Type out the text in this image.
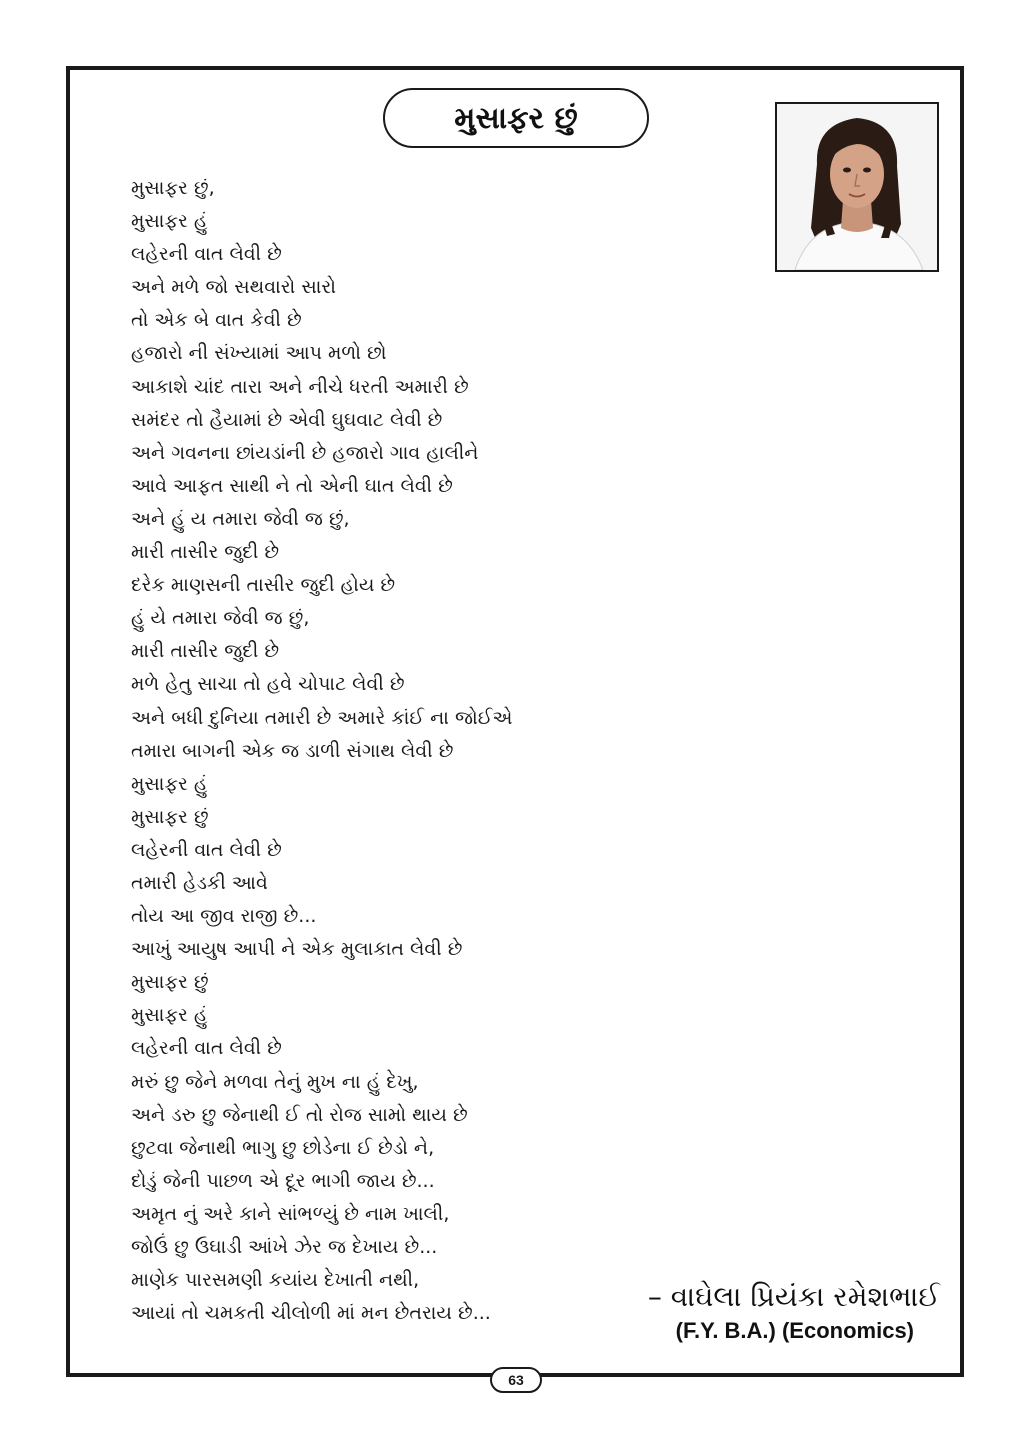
મુસાફર છું
મુસાફર છું,
મુસાફર હું
લહેરની વાત લેવી છે
અને મળે જો સથવારો સારો
તો એક બે વાત કેવી છે
હજારો ની સંખ્યામાં આપ મળો છો
આકાશે ચાંદ તારા અને નીચે ધરતી અમારી છે
સમંદર તો હૈયામાં છે એવી ઘુઘવાટ લેવી છે
અને ગવનના છાંયડાંની છે હજારો ગાવ હાલીને
આવે આફત સાથી ને તો એની ઘાત લેવી છે
અને હું ય તમારા જેવી જ છું,
મારી તાસીર જુદી છે
દરેક માણસની તાસીર જુદી હોય છે
હું યે તમારા જેવી જ છું,
મારી તાસીર જુદી છે
મળે હેતુ સાચા તો હવે ચોપાટ લેવી છે
અને બધી દુનિયા તમારી છે અમારે કાંઈ ના જોઈએ
તમારા બાગની એક જ ડાળી સંગાથ લેવી છે
મુસાફર હું
મુસાફર છું
લહેરની વાત લેવી છે
તમારી હેડકી આવે
તોય આ જીવ રાજી છે...
આખું આયુષ આપી ને એક મુલાકાત લેવી છે
મુસાફર છું
મુસાફર હું
લહેરની વાત લેવી છે
મરું છુ જેને મળવા તેનું મુખ ના હું દેખુ,
અને ડરુ છુ જેનાથી ઈ તો રોજ સામો થાય છે
છુટવા જેનાથી ભાગુ છુ છોડેના ઈ છેડો ને,
દોડું જેની પાછળ એ દૂર ભાગી જાય છે...
અમૃત નું અરે કાને સાંભળ્યું છે નામ ખાલી,
જોઉં છુ ઉઘાડી આંખે ઝેર જ દેખાય છે...
માણેક પારસમણી કયાંય દેખાતી નથી,
આયાં તો ચમકતી ચીલોળી માં મન છેતરાય છે...
– વાઘેલા પ્રિયંકા રમેશભાઈ
(F.Y. B.A.) (Economics)
63
